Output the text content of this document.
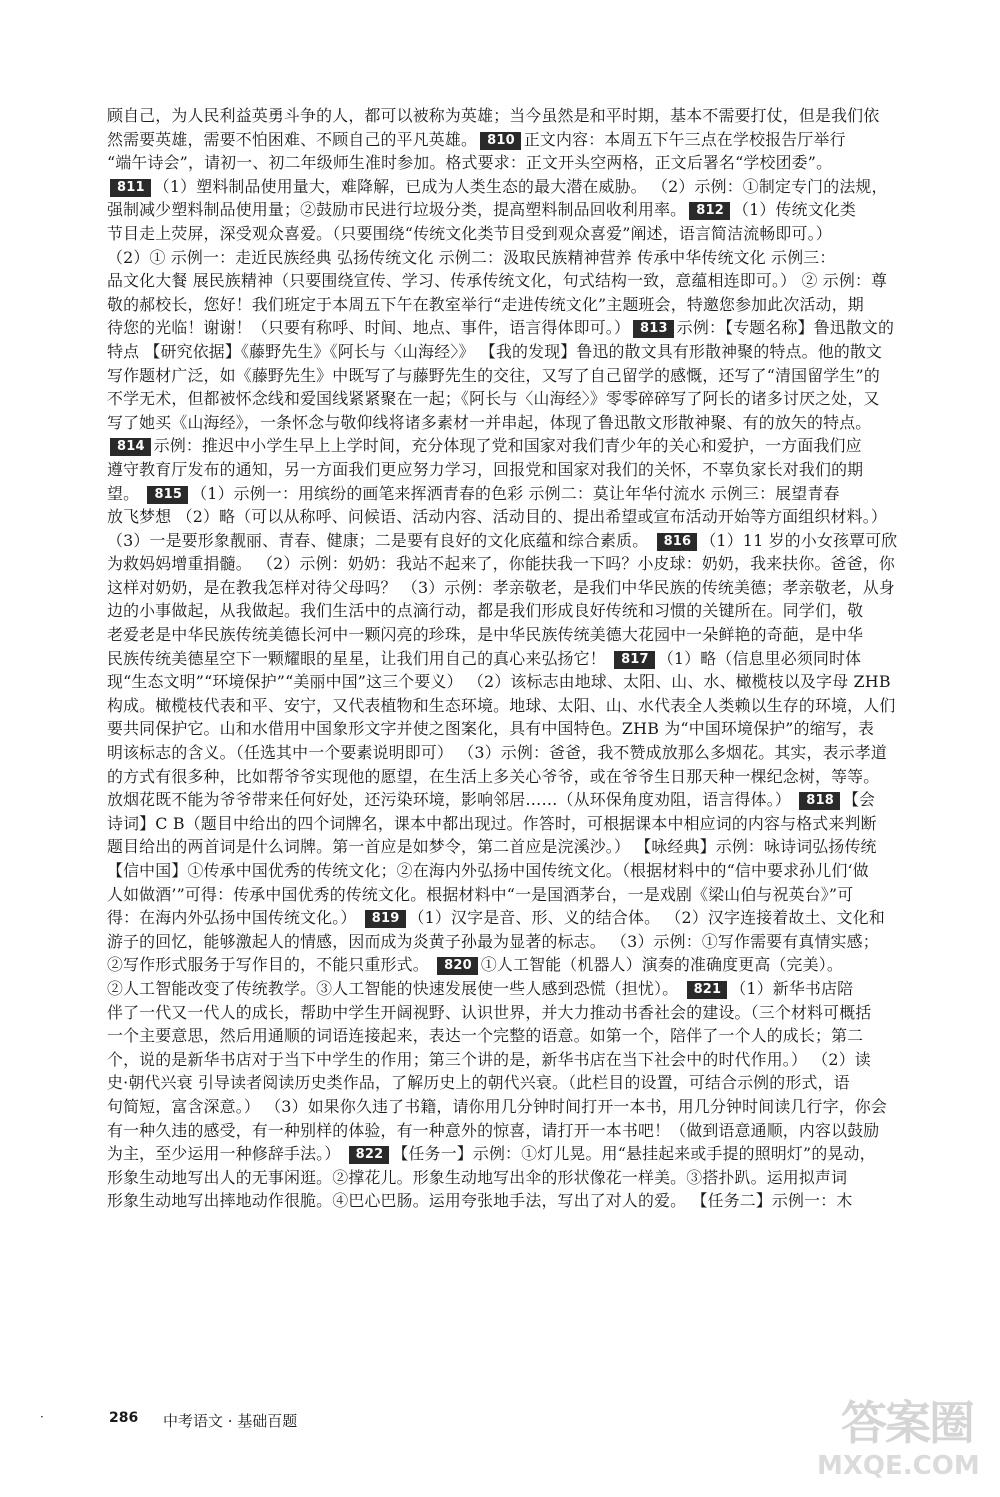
顾自己，为人民利益英勇斗争的人，都可以被称为英雄；当今虽然是和平时期，基本不需要打仗，但是我们依
然需要英雄，需要不怕困难、不顾自己的平凡英雄。 810 正文内容：本周五下午三点在学校报告厅举行
“端午诗会”，请初一、初二年级师生准时参加。格式要求：正文开头空两格，正文后署名“学校团委”。
811 （1）塑料制品使用量大，难降解，已成为人类生态的最大潜在威胁。 （2）示例：①制定专门的法规，
强制减少塑料制品使用量；②鼓励市民进行垃圾分类，提高塑料制品回收利用率。 812 （1）传统文化类
节目走上荧屏，深受观众喜爱。（只要围绕“传统文化类节目受到观众喜爱”阐述，语言简洁流畅即可。）
（2）① 示例一：走近民族经典 弘扬传统文化 示例二：汲取民族精神营养 传承中华传统文化 示例三：
品文化大餐 展民族精神（只要围绕宣传、学习、传承传统文化，句式结构一致，意蕴相连即可。） ② 示例：尊
敬的郝校长，您好！我们班定于本周五下午在教室举行“走进传统文化”主题班会，特邀您参加此次活动，期
待您的光临！谢谢！（只要有称呼、时间、地点、事件，语言得体即可。） 813 示例：【专题名称】鲁迅散文的
特点 【研究依据】《藤野先生》《阿长与〈山海经〉》 【我的发现】鲁迅的散文具有形散神聚的特点。他的散文
写作题材广泛，如《藤野先生》中既写了与藤野先生的交往，又写了自己留学的感慨，还写了“清国留学生”的
不学无术，但都被怀念线和爱国线紧紧聚在一起；《阿长与〈山海经〉》零零碎碎写了阿长的诸多讨厌之处，又
写了她买《山海经》，一条怀念与敬仰线将诸多素材一并串起，体现了鲁迅散文形散神聚、有的放矢的特点。
814 示例：推迟中小学生早上上学时间，充分体现了党和国家对我们青少年的关心和爱护，一方面我们应
遵守教育厅发布的通知，另一方面我们更应努力学习，回报党和国家对我们的关怀，不辜负家长对我们的期
望。 815 （1）示例一：用缤纷的画笔来挥洒青春的色彩 示例二：莫让年华付流水 示例三：展望青春
放飞梦想 （2）略（可以从称呼、问候语、活动内容、活动目的、提出希望或宣布活动开始等方面组织材料。）
（3）一是要形象靓丽、青春、健康；二是要有良好的文化底蕴和综合素质。 816 （1）11 岁的小女孩覃可欣
为救妈妈增重捐髓。 （2）示例：奶奶：我站不起来了，你能扶我一下吗？小皮球：奶奶，我来扶你。爸爸，你
这样对奶奶，是在教我怎样对待父母吗？ （3）示例：孝亲敬老，是我们中华民族的传统美德；孝亲敬老，从身
边的小事做起，从我做起。我们生活中的点滴行动，都是我们形成良好传统和习惯的关键所在。同学们，敬
老爱老是中华民族传统美德长河中一颗闪亮的珍珠，是中华民族传统美德大花园中一朵鲜艳的奇葩，是中华
民族传统美德星空下一颗耀眼的星星，让我们用自己的真心来弘扬它！ 817 （1）略（信息里必须同时体
现“生态文明”“环境保护”“美丽中国”这三个要义） （2）该标志由地球、太阳、山、水、橄榄枝以及字母 ZHB
构成。橄榄枝代表和平、安宁，又代表植物和生态环境。地球、太阳、山、水代表全人类赖以生存的环境，人们
要共同保护它。山和水借用中国象形文字并使之图案化，具有中国特色。ZHB 为“中国环境保护”的缩写，表
明该标志的含义。（任选其中一个要素说明即可） （3）示例：爸爸，我不赞成放那么多烟花。其实，表示孝道
的方式有很多种，比如帮爷爷实现他的愿望，在生活上多关心爷爷，或在爷爷生日那天种一棵纪念树，等等。
放烟花既不能为爷爷带来任何好处，还污染环境，影响邻居……（从环保角度劝阻，语言得体。） 818 【会
诗词】C B（题目中给出的四个词牌名，课本中都出现过。作答时，可根据课本中相应词的内容与格式来判断
题目给出的两首词是什么词牌。第一首应是如梦令，第二首应是浣溪沙。） 【咏经典】示例：咏诗词弘扬传统
【信中国】①传承中国优秀的传统文化；②在海内外弘扬中国传统文化。（根据材料中的“信中要求孙儿们‘做
人如做酒’”可得：传承中国优秀的传统文化。根据材料中“一是国酒茅台，一是戏剧《梁山伯与祝英台》”可
得：在海内外弘扬中国传统文化。） 819 （1）汉字是音、形、义的结合体。 （2）汉字连接着故土、文化和
游子的回忆，能够激起人的情感，因而成为炎黄子孙最为显著的标志。 （3）示例：①写作需要有真情实感；
②写作形式服务于写作目的，不能只重形式。 820 ①人工智能（机器人）演奏的准确度更高（完美）。
②人工智能改变了传统教学。③人工智能的快速发展使一些人感到恐慌（担忧）。 821 （1）新华书店陪
伴了一代又一代人的成长，帮助中学生开阔视野、认识世界，并大力推动书香社会的建设。（三个材料可概括
一个主要意思，然后用通顺的词语连接起来，表达一个完整的语意。如第一个，陪伴了一个人的成长；第二
个，说的是新华书店对于当下中学生的作用；第三个讲的是，新华书店在当下社会中的时代作用。） （2）读
史·朝代兴衰 引导读者阅读历史类作品，了解历史上的朝代兴衰。（此栏目的设置，可结合示例的形式，语
句简短，富含深意。） （3）如果你久违了书籍，请你用几分钟时间打开一本书，用几分钟时间读几行字，你会
有一种久违的感受，有一种别样的体验，有一种意外的惊喜，请打开一本书吧！（做到语意通顺，内容以鼓励
为主，至少运用一种修辞手法。） 822 【任务一】示例：①灯儿晃。用“悬挂起来或手提的照明灯”的晃动，
形象生动地写出人的无事闲逛。②撑花儿。形象生动地写出伞的形状像花一样美。③搭扑趴。运用拟声词
形象生动地写出摔地动作很脆。④巴心巴肠。运用夸张地手法，写出了对人的爱。 【任务二】示例一：木
·	286 中考语文 · 基础百题	答案圈
MXQE.COM
